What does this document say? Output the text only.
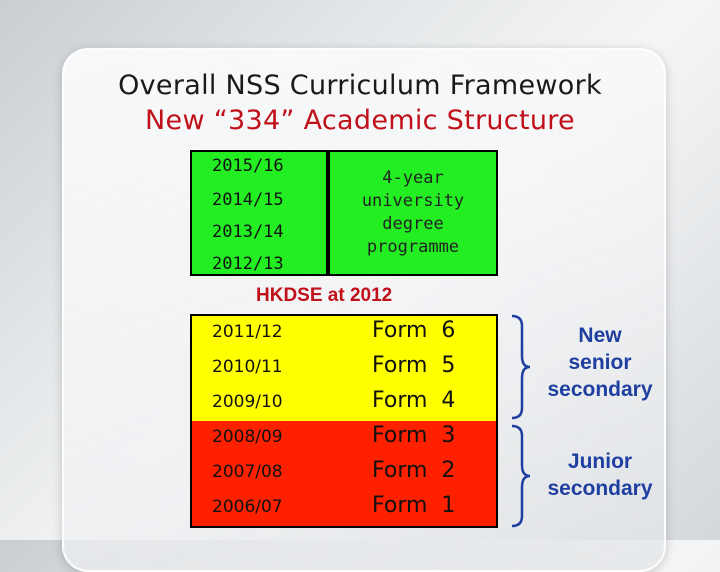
Overall NSS Curriculum Framework
New “334” Academic Structure
2015/16
2014/15
2013/14
2012/13
4-year
university
degree
programme
HKDSE at 2012
2011/12	Form  6
2010/11	Form  5
2009/10	Form  4
2008/09	Form  3
2007/08	Form  2
2006/07	Form  1
New
senior
secondary
Junior
secondary
